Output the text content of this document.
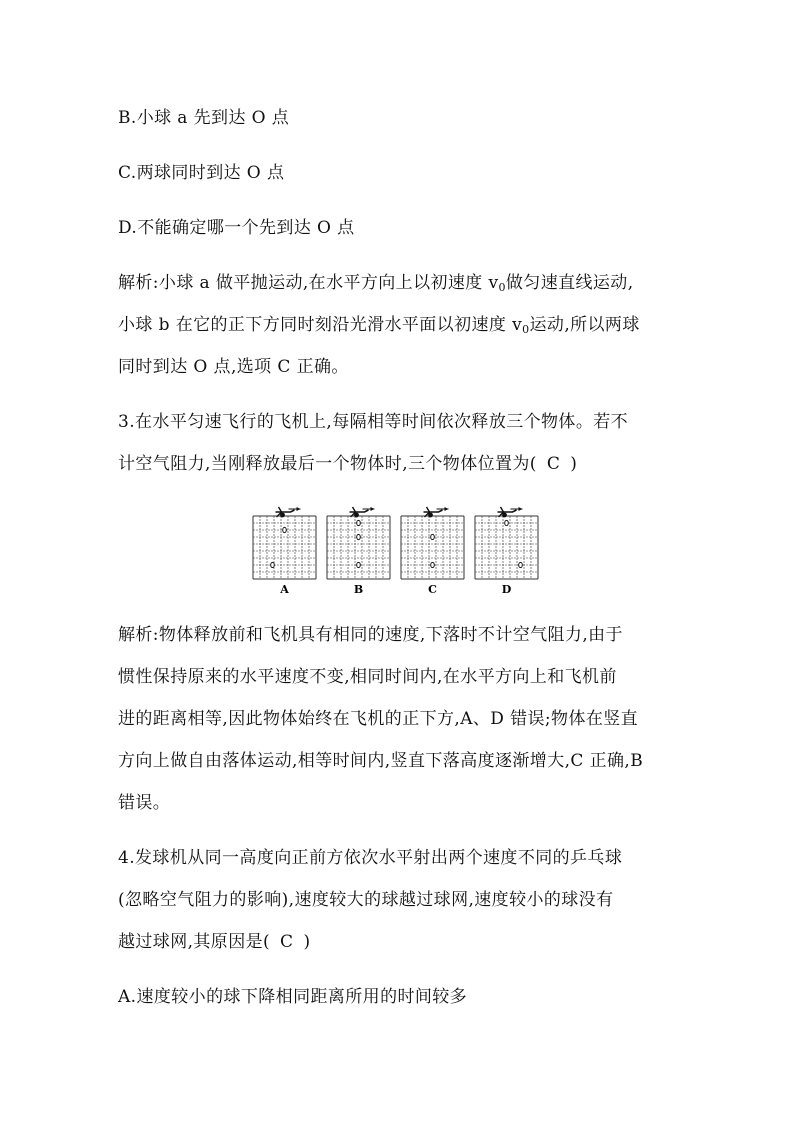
B.小球 a 先到达 O 点
C.两球同时到达 O 点
D.不能确定哪一个先到达 O 点
解析:小球 a 做平抛运动,在水平方向上以初速度 $v_0$做匀速直线运动,
小球 b 在它的正下方同时刻沿光滑水平面以初速度 $v_0$运动,所以两球
同时到达 O 点,选项 C 正确。
3.在水平匀速飞行的飞机上,每隔相等时间依次释放三个物体。若不
计空气阻力,当刚释放最后一个物体时,三个物体位置为( C )
A	B	C	D
解析:物体释放前和飞机具有相同的速度,下落时不计空气阻力,由于
惯性保持原来的水平速度不变,相同时间内,在水平方向上和飞机前
进的距离相等,因此物体始终在飞机的正下方,A、D 错误;物体在竖直
方向上做自由落体运动,相等时间内,竖直下落高度逐渐增大,C 正确,B
错误。
4.发球机从同一高度向正前方依次水平射出两个速度不同的乒乓球
(忽略空气阻力的影响),速度较大的球越过球网,速度较小的球没有
越过球网,其原因是( C )
A.速度较小的球下降相同距离所用的时间较多
